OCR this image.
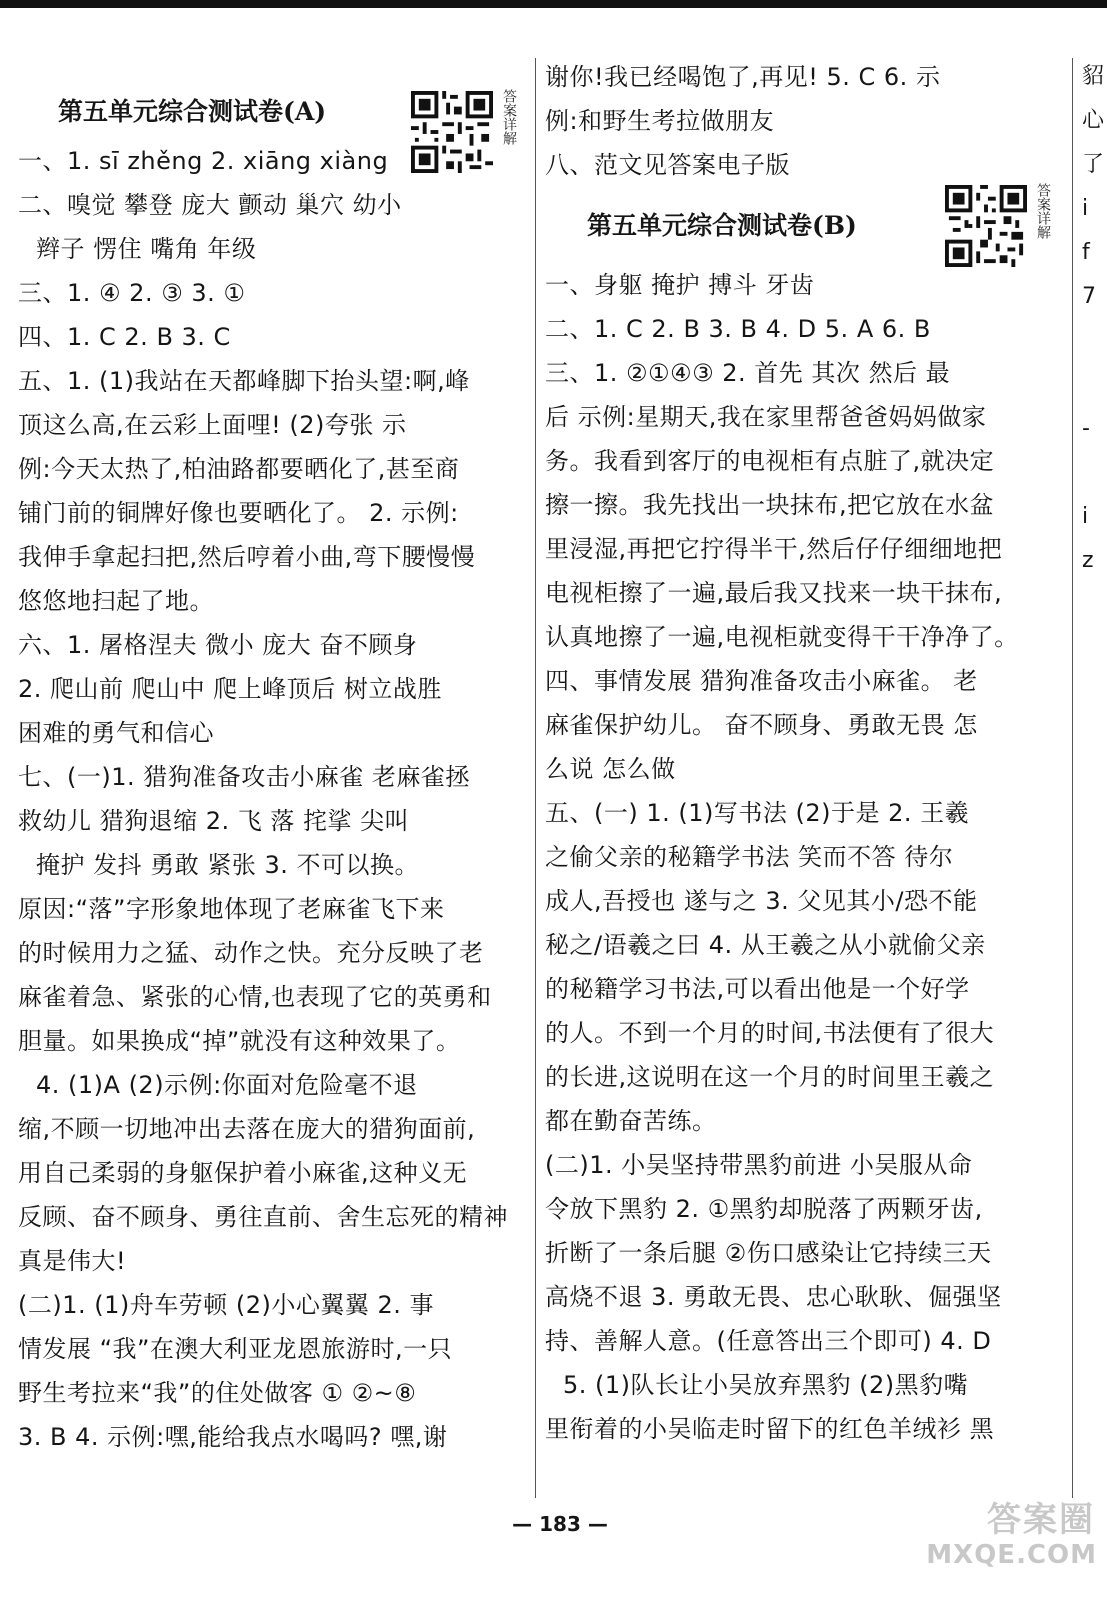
第五单元综合测试卷(A)	答案详解
一、1. sī zhěng 2. xiāng xiàng
二、嗅觉 攀登 庞大 颤动 巢穴 幼小
辫子 愣住 嘴角 年级
三、1. ④ 2. ③ 3. ①
四、1. C 2. B 3. C
五、1. (1)我站在天都峰脚下抬头望:啊,峰
顶这么高,在云彩上面哩! (2)夸张 示
例:今天太热了,柏油路都要晒化了,甚至商
铺门前的铜牌好像也要晒化了。 2. 示例:
我伸手拿起扫把,然后哼着小曲,弯下腰慢慢
悠悠地扫起了地。
六、1. 屠格涅夫 微小 庞大 奋不顾身
2. 爬山前 爬山中 爬上峰顶后 树立战胜
困难的勇气和信心
七、(一)1. 猎狗准备攻击小麻雀 老麻雀拯
救幼儿 猎狗退缩 2. 飞 落 挓挲 尖叫
掩护 发抖 勇敢 紧张 3. 不可以换。
原因:“落”字形象地体现了老麻雀飞下来
的时候用力之猛、动作之快。充分反映了老
麻雀着急、紧张的心情,也表现了它的英勇和
胆量。如果换成“掉”就没有这种效果了。
4. (1)A (2)示例:你面对危险毫不退
缩,不顾一切地冲出去落在庞大的猎狗面前,
用自己柔弱的身躯保护着小麻雀,这种义无
反顾、奋不顾身、勇往直前、舍生忘死的精神
真是伟大!
(二)1. (1)舟车劳顿 (2)小心翼翼 2. 事
情发展 “我”在澳大利亚龙恩旅游时,一只
野生考拉来“我”的住处做客 ① ②~⑧
3. B 4. 示例:嘿,能给我点水喝吗? 嘿,谢
谢你!我已经喝饱了,再见! 5. C 6. 示
例:和野生考拉做朋友
八、范文见答案电子版
第五单元综合测试卷(B)	答案详解
一、身躯 掩护 搏斗 牙齿
二、1. C 2. B 3. B 4. D 5. A 6. B
三、1. ②①④③ 2. 首先 其次 然后 最
后 示例:星期天,我在家里帮爸爸妈妈做家
务。我看到客厅的电视柜有点脏了,就决定
擦一擦。我先找出一块抹布,把它放在水盆
里浸湿,再把它拧得半干,然后仔仔细细地把
电视柜擦了一遍,最后我又找来一块干抹布,
认真地擦了一遍,电视柜就变得干干净净了。
四、事情发展 猎狗准备攻击小麻雀。 老
麻雀保护幼儿。 奋不顾身、勇敢无畏 怎
么说 怎么做
五、(一) 1. (1)写书法 (2)于是 2. 王羲
之偷父亲的秘籍学书法 笑而不答 待尔
成人,吾授也 遂与之 3. 父见其小/恐不能
秘之/语羲之曰 4. 从王羲之从小就偷父亲
的秘籍学习书法,可以看出他是一个好学
的人。不到一个月的时间,书法便有了很大
的长进,这说明在这一个月的时间里王羲之
都在勤奋苦练。
(二)1. 小吴坚持带黑豹前进 小吴服从命
令放下黑豹 2. ①黑豹却脱落了两颗牙齿,
折断了一条后腿 ②伤口感染让它持续三天
高烧不退 3. 勇敢无畏、忠心耿耿、倔强坚
持、善解人意。(任意答出三个即可) 4. D
5. (1)队长让小吴放弃黑豹 (2)黑豹嘴
里衔着的小吴临走时留下的红色羊绒衫 黑
貂
心
了
i
f
7
-
i
z
— 183 —	答案圈
MXQE.COM
